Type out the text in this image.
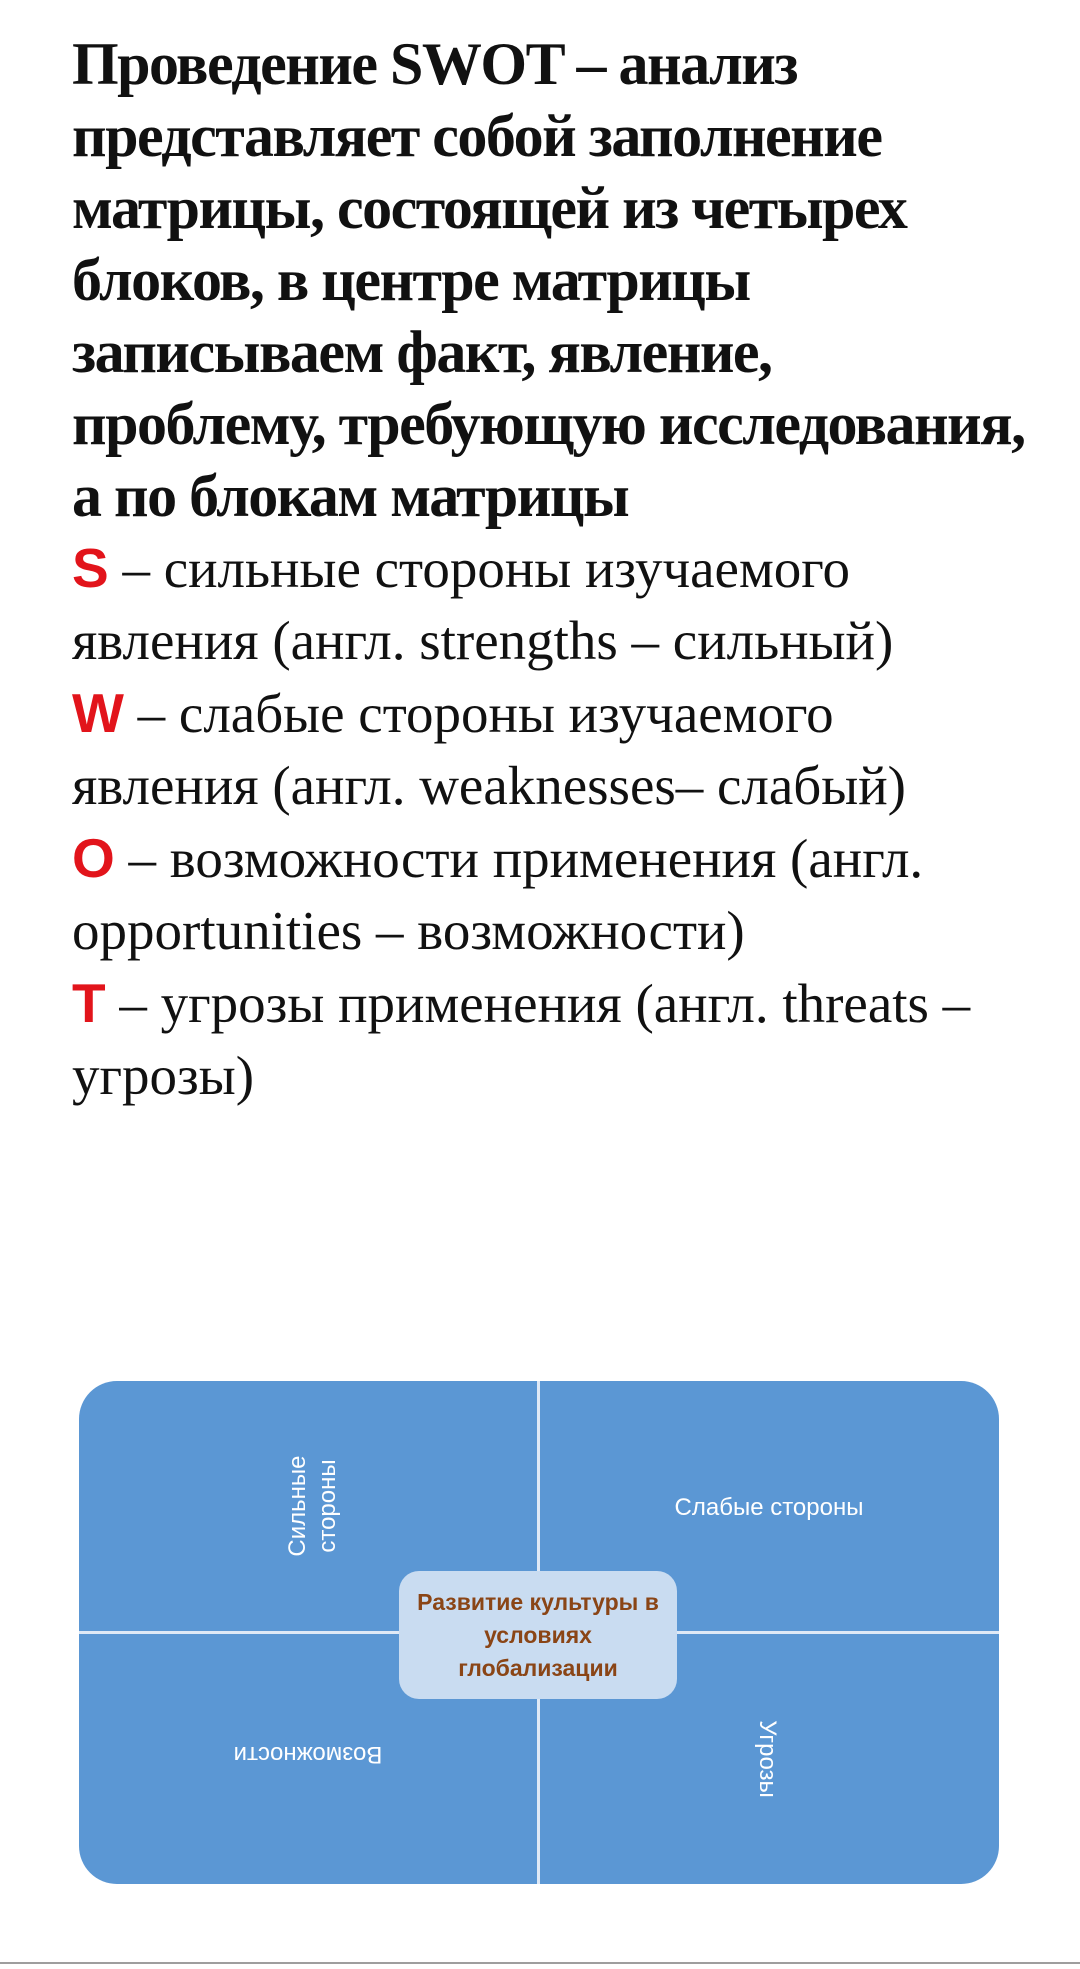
Проведение SWOT – анализ представляет собой заполнение матрицы, состоящей из четырех блоков, в центре матрицы записываем факт, явление, проблему, требующую исследования, а по блокам матрицы

S – сильные стороны изучаемого явления (англ. strengths – сильный)

W – слабые стороны изучаемого явления (англ. weaknesses– слабый)

O – возможности применения (англ. opportunities – возможности)

T – угрозы применения (англ. threats – угрозы)

Сильные стороны	Слабые стороны
Возможности	Угрозы
Развитие культуры в условиях глобализации
